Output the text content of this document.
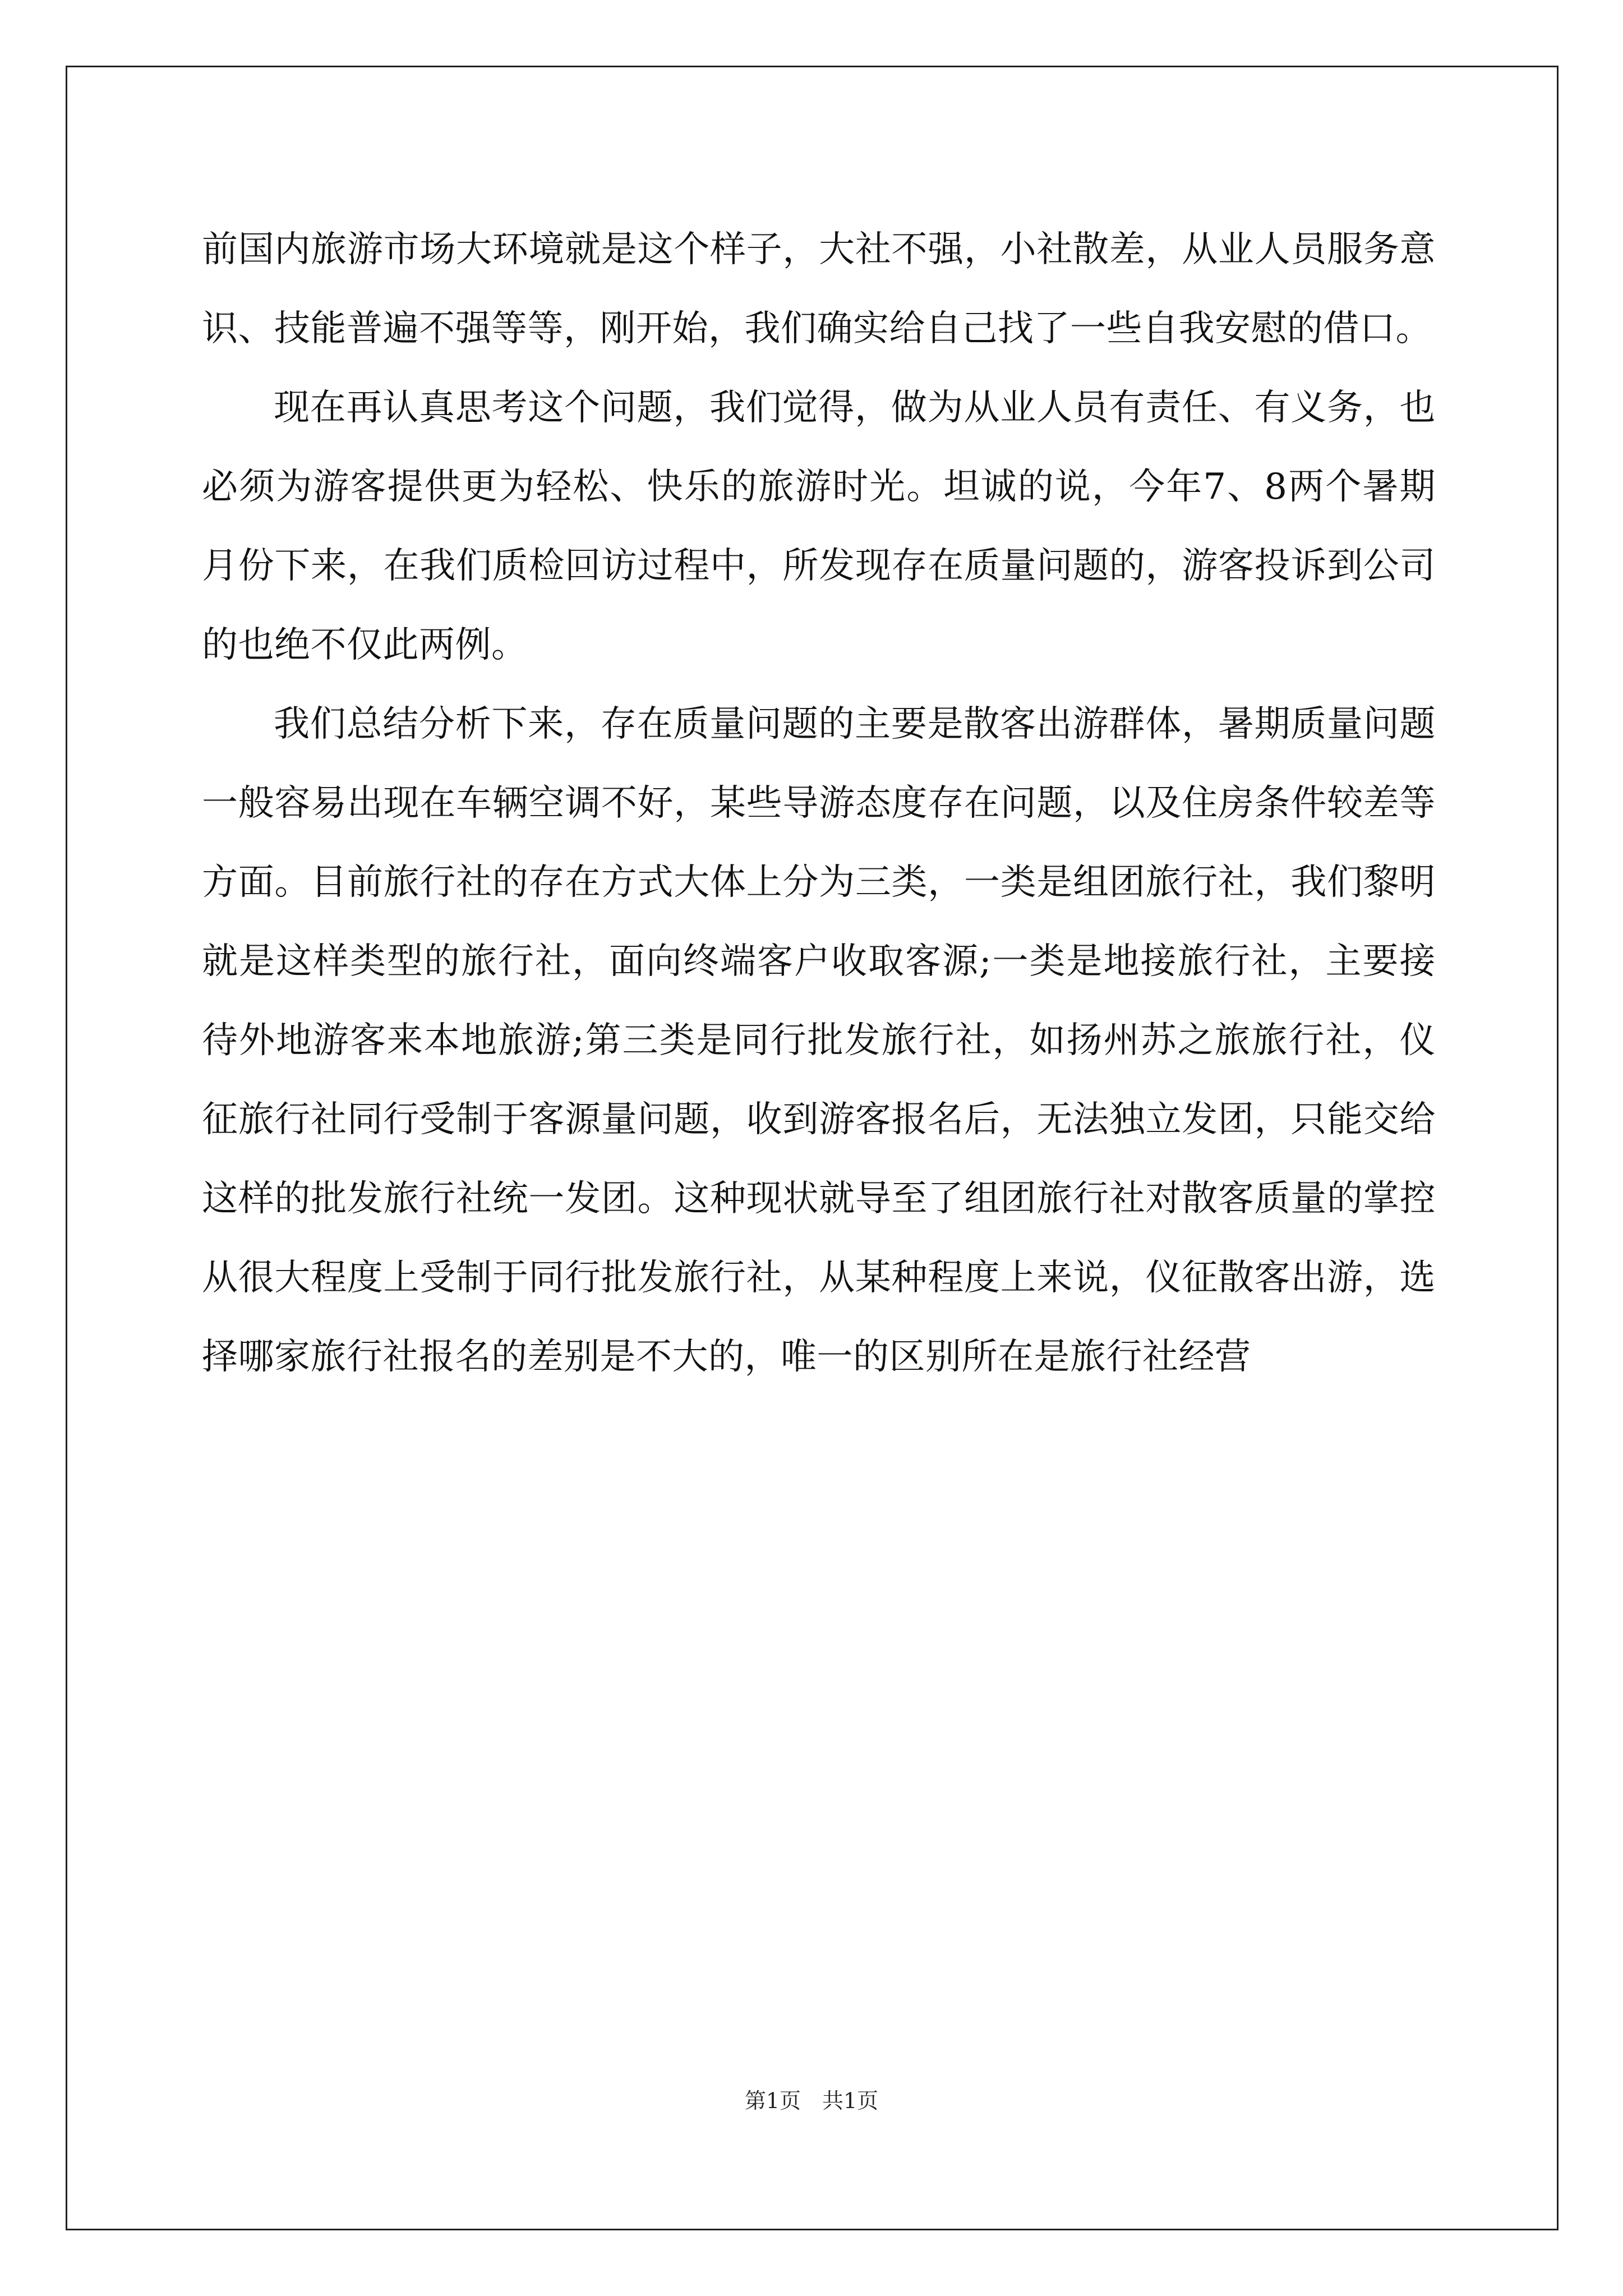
前国内旅游市场大环境就是这个样子，大社不强，小社散差，从业人员服务意识、技能普遍不强等等，刚开始，我们确实给自己找了一些自我安慰的借口。

现在再认真思考这个问题，我们觉得，做为从业人员有责任、有义务，也必须为游客提供更为轻松、快乐的旅游时光。坦诚的说，今年7、8两个暑期月份下来，在我们质检回访过程中，所发现存在质量问题的，游客投诉到公司的也绝不仅此两例。

我们总结分析下来，存在质量问题的主要是散客出游群体，暑期质量问题一般容易出现在车辆空调不好，某些导游态度存在问题，以及住房条件较差等方面。目前旅行社的存在方式大体上分为三类，一类是组团旅行社，我们黎明就是这样类型的旅行社，面向终端客户收取客源;一类是地接旅行社，主要接待外地游客来本地旅游;第三类是同行批发旅行社，如扬州苏之旅旅行社，仪征旅行社同行受制于客源量问题，收到游客报名后，无法独立发团，只能交给这样的批发旅行社统一发团。这种现状就导至了组团旅行社对散客质量的掌控从很大程度上受制于同行批发旅行社，从某种程度上来说，仪征散客出游，选择哪家旅行社报名的差别是不大的，唯一的区别所在是旅行社经营

第1页　共1页
